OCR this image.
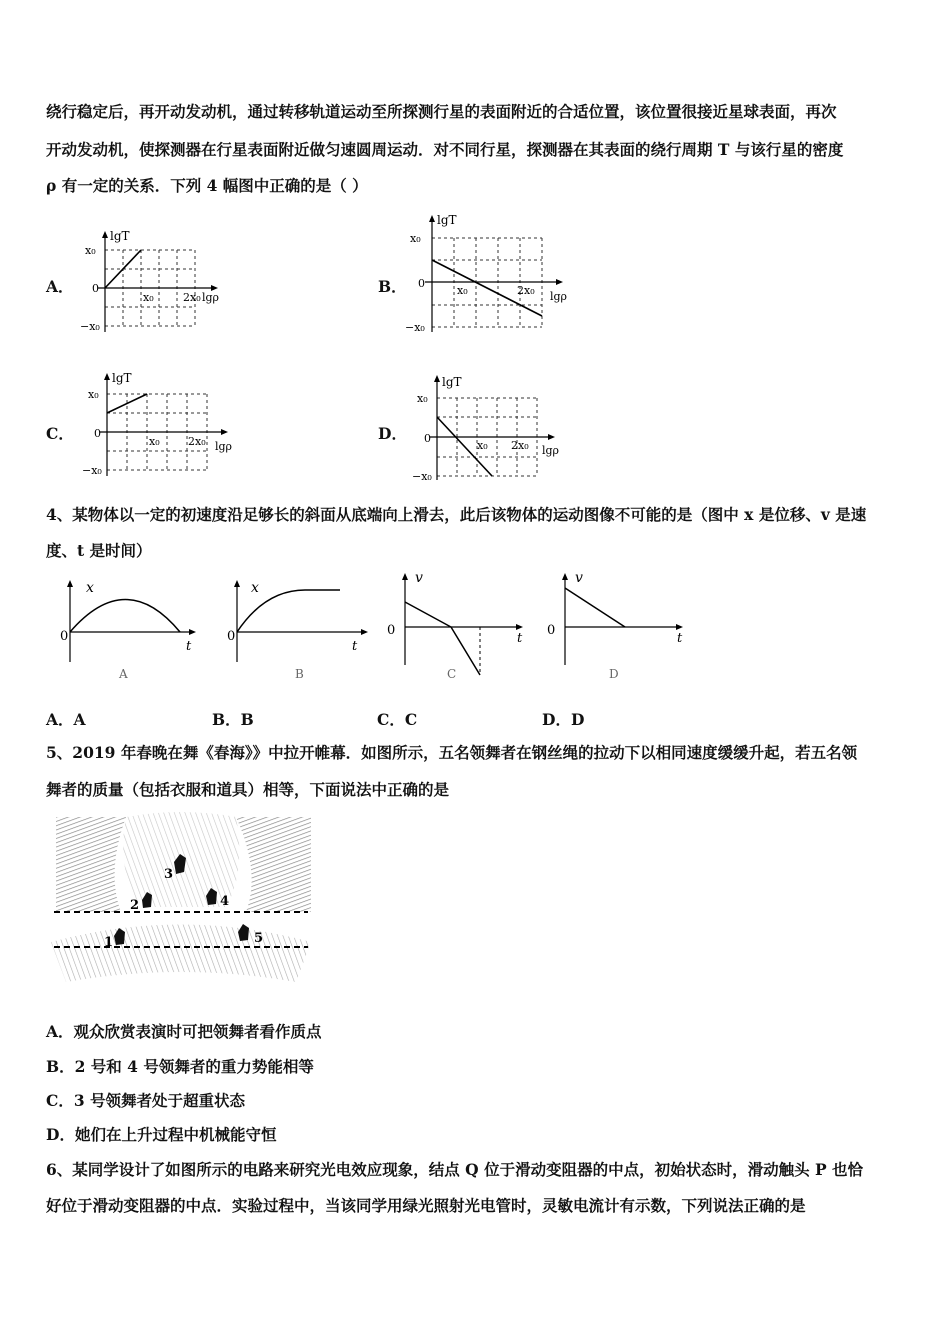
绕行稳定后，再开动发动机，通过转移轨道运动至所探测行星的表面附近的合适位置，该位置很接近星球表面，再次
开动发动机，使探测器在行星表面附近做匀速圆周运动．对不同行星，探测器在其表面的绕行周期 T 与该行星的密度
ρ 有一定的关系．下列 4 幅图中正确的是（ ）
A．	B．
C．	D．
lgT
x₀
0
−x₀
x₀	2x₀ lgρ
lgT
x₀
0
−x₀
x₀	2x₀ lgρ
lgT
x₀
0
−x₀
x₀	2x₀ lgρ
lgT
x₀
0
−x₀
x₀ 2x₀ lgρ
4、某物体以一定的初速度沿足够长的斜面从底端向上滑去，此后该物体的运动图像不可能的是（图中 x 是位移、v 是速
度、t 是时间）
x
0
t
A
x
0
t
B
v
0
t
C
v
0
t
D
A．A	B．B	C．C	D．D
5、2019 年春晚在舞《春海》》中拉开帷幕．如图所示，五名领舞者在钢丝绳的拉动下以相同速度缓缓升起，若五名领
舞者的质量（包括衣服和道具）相等，下面说法中正确的是
3
2	4
1	5
A．观众欣赏表演时可把领舞者看作质点
B．2 号和 4 号领舞者的重力势能相等
C．3 号领舞者处于超重状态
D．她们在上升过程中机械能守恒
6、某同学设计了如图所示的电路来研究光电效应现象，结点 Q 位于滑动变阻器的中点，初始状态时，滑动触头 P 也恰
好位于滑动变阻器的中点．实验过程中，当该同学用绿光照射光电管时，灵敏电流计有示数，下列说法正确的是
